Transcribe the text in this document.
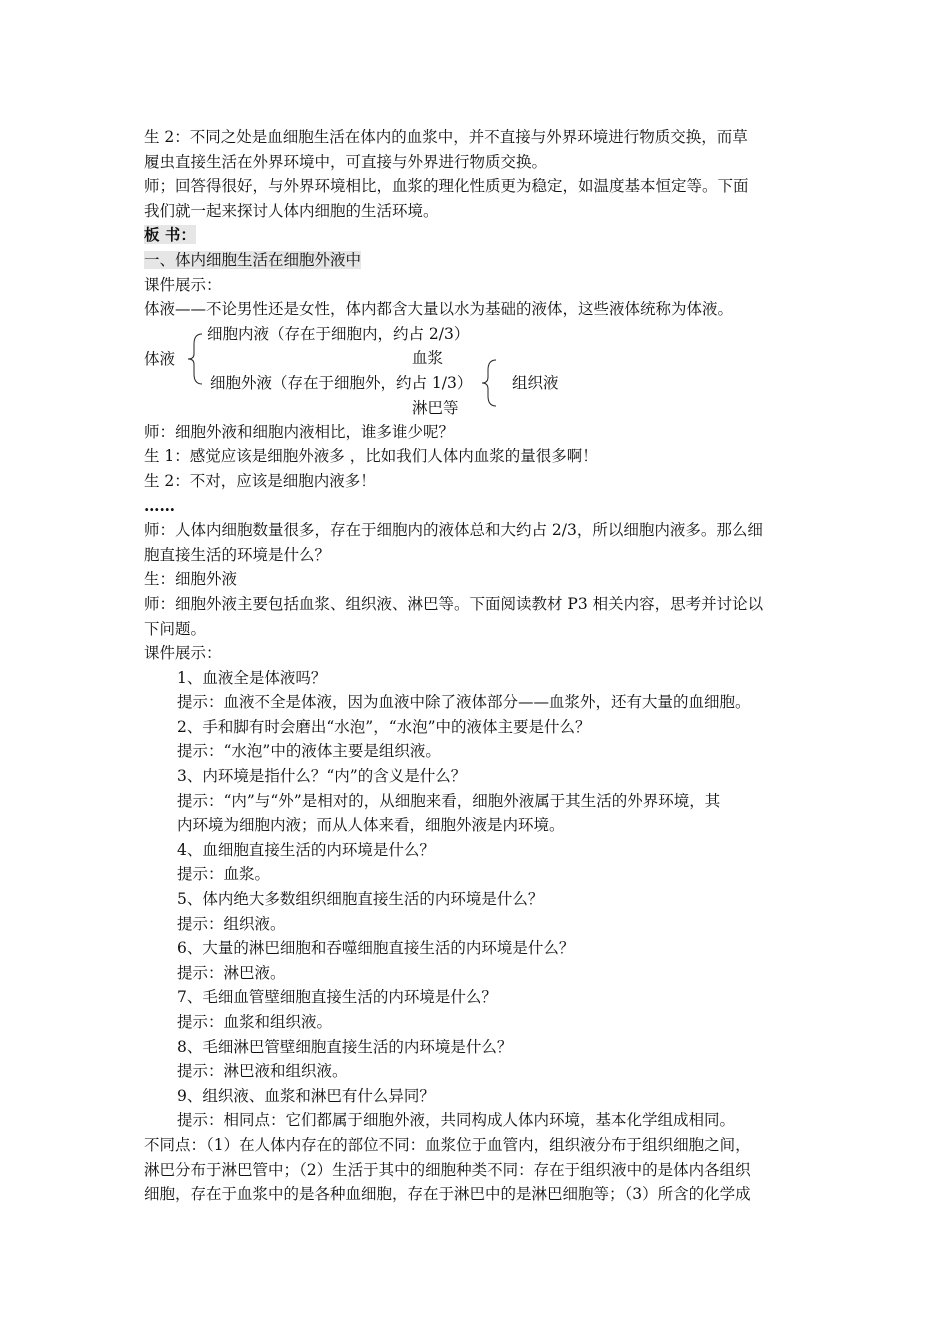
生 2：不同之处是血细胞生活在体内的血浆中，并不直接与外界环境进行物质交换，而草
履虫直接生活在外界环境中，可直接与外界进行物质交换。
师；回答得很好，与外界环境相比，血浆的理化性质更为稳定，如温度基本恒定等。下面
我们就一起来探讨人体内细胞的生活环境。
板 书：
一、体内细胞生活在细胞外液中
课件展示：
体液——不论男性还是女性，体内都含大量以水为基础的液体，这些液体统称为体液。
体液
细胞内液（存在于细胞内，约占 2/3）
血浆
细胞外液（存在于细胞外，约占 1/3）	组织液
淋巴等
师：细胞外液和细胞内液相比，谁多谁少呢？
生 1：感觉应该是细胞外液多 ，比如我们人体内血浆的量很多啊！
生 2：不对，应该是细胞内液多！
……
师：人体内细胞数量很多，存在于细胞内的液体总和大约占 2/3，所以细胞内液多。那么细
胞直接生活的环境是什么？
生：细胞外液
师：细胞外液主要包括血浆、组织液、淋巴等。下面阅读教材 P3 相关内容，思考并讨论以
下问题。
课件展示：
1、血液全是体液吗？
提示：血液不全是体液，因为血液中除了液体部分——血浆外，还有大量的血细胞。
2、手和脚有时会磨出“水泡”，“水泡”中的液体主要是什么？
提示：“水泡”中的液体主要是组织液。
3、内环境是指什么？“内”的含义是什么？
提示：“内”与“外”是相对的，从细胞来看，细胞外液属于其生活的外界环境，其
内环境为细胞内液；而从人体来看，细胞外液是内环境。
4、血细胞直接生活的内环境是什么？
提示：血浆。
5、体内绝大多数组织细胞直接生活的内环境是什么？
提示：组织液。
6、大量的淋巴细胞和吞噬细胞直接生活的内环境是什么？
提示：淋巴液。
7、毛细血管壁细胞直接生活的内环境是什么？
提示：血浆和组织液。
8、毛细淋巴管壁细胞直接生活的内环境是什么？
提示：淋巴液和组织液。
9、组织液、血浆和淋巴有什么异同？
提示：相同点：它们都属于细胞外液，共同构成人体内环境，基本化学组成相同。
不同点：（1）在人体内存在的部位不同：血浆位于血管内，组织液分布于组织细胞之间，
淋巴分布于淋巴管中；（2）生活于其中的细胞种类不同：存在于组织液中的是体内各组织
细胞，存在于血浆中的是各种血细胞，存在于淋巴中的是淋巴细胞等；（3）所含的化学成
